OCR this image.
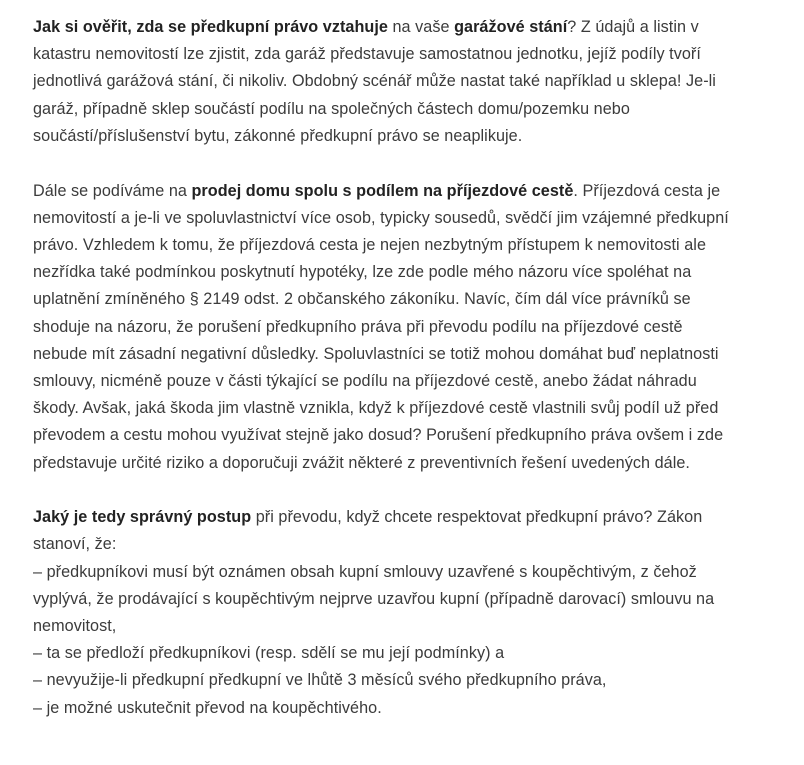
Jak si ověřit, zda se předkupní právo vztahuje na vaše garážové stání? Z údajů a listin v katastru nemovitostí lze zjistit, zda garáž představuje samostatnou jednotku, jejíž podíly tvoří jednotlivá garážová stání, či nikoliv. Obdobný scénář může nastat také například u sklepa! Je-li garáž, případně sklep součástí podílu na společných částech domu/pozemku nebo součástí/příslušenství bytu, zákonné předkupní právo se neaplikuje.

Dále se podíváme na prodej domu spolu s podílem na příjezdové cestě. Příjezdová cesta je nemovitostí a je-li ve spoluvlastnictví více osob, typicky sousedů, svědčí jim vzájemné předkupní právo. Vzhledem k tomu, že příjezdová cesta je nejen nezbytným přístupem k nemovitosti ale nezřídka také podmínkou poskytnutí hypotéky, lze zde podle mého názoru více spoléhat na uplatnění zmíněného § 2149 odst. 2 občanského zákoníku. Navíc, čím dál více právníků se shoduje na názoru, že porušení předkupního práva při převodu podílu na příjezdové cestě nebude mít zásadní negativní důsledky. Spoluvlastníci se totiž mohou domáhat buď neplatnosti smlouvy, nicméně pouze v části týkající se podílu na příjezdové cestě, anebo žádat náhradu škody. Avšak, jaká škoda jim vlastně vznikla, když k příjezdové cestě vlastnili svůj podíl už před převodem a cestu mohou využívat stejně jako dosud? Porušení předkupního práva ovšem i zde představuje určité riziko a doporučuji zvážit některé z preventivních řešení uvedených dále.

Jaký je tedy správný postup při převodu, když chcete respektovat předkupní právo? Zákon stanoví, že:
– předkupníkovi musí být oznámen obsah kupní smlouvy uzavřené s koupěchtivým, z čehož vyplývá, že prodávající s koupěchtivým nejprve uzavřou kupní (případně darovací) smlouvu na nemovitost,
– ta se předloží předkupníkovi (resp. sdělí se mu její podmínky) a
– nevyužije-li předkupní předkupní ve lhůtě 3 měsíců svého předkupního práva,
– je možné uskutečnit převod na koupěchtivého.
